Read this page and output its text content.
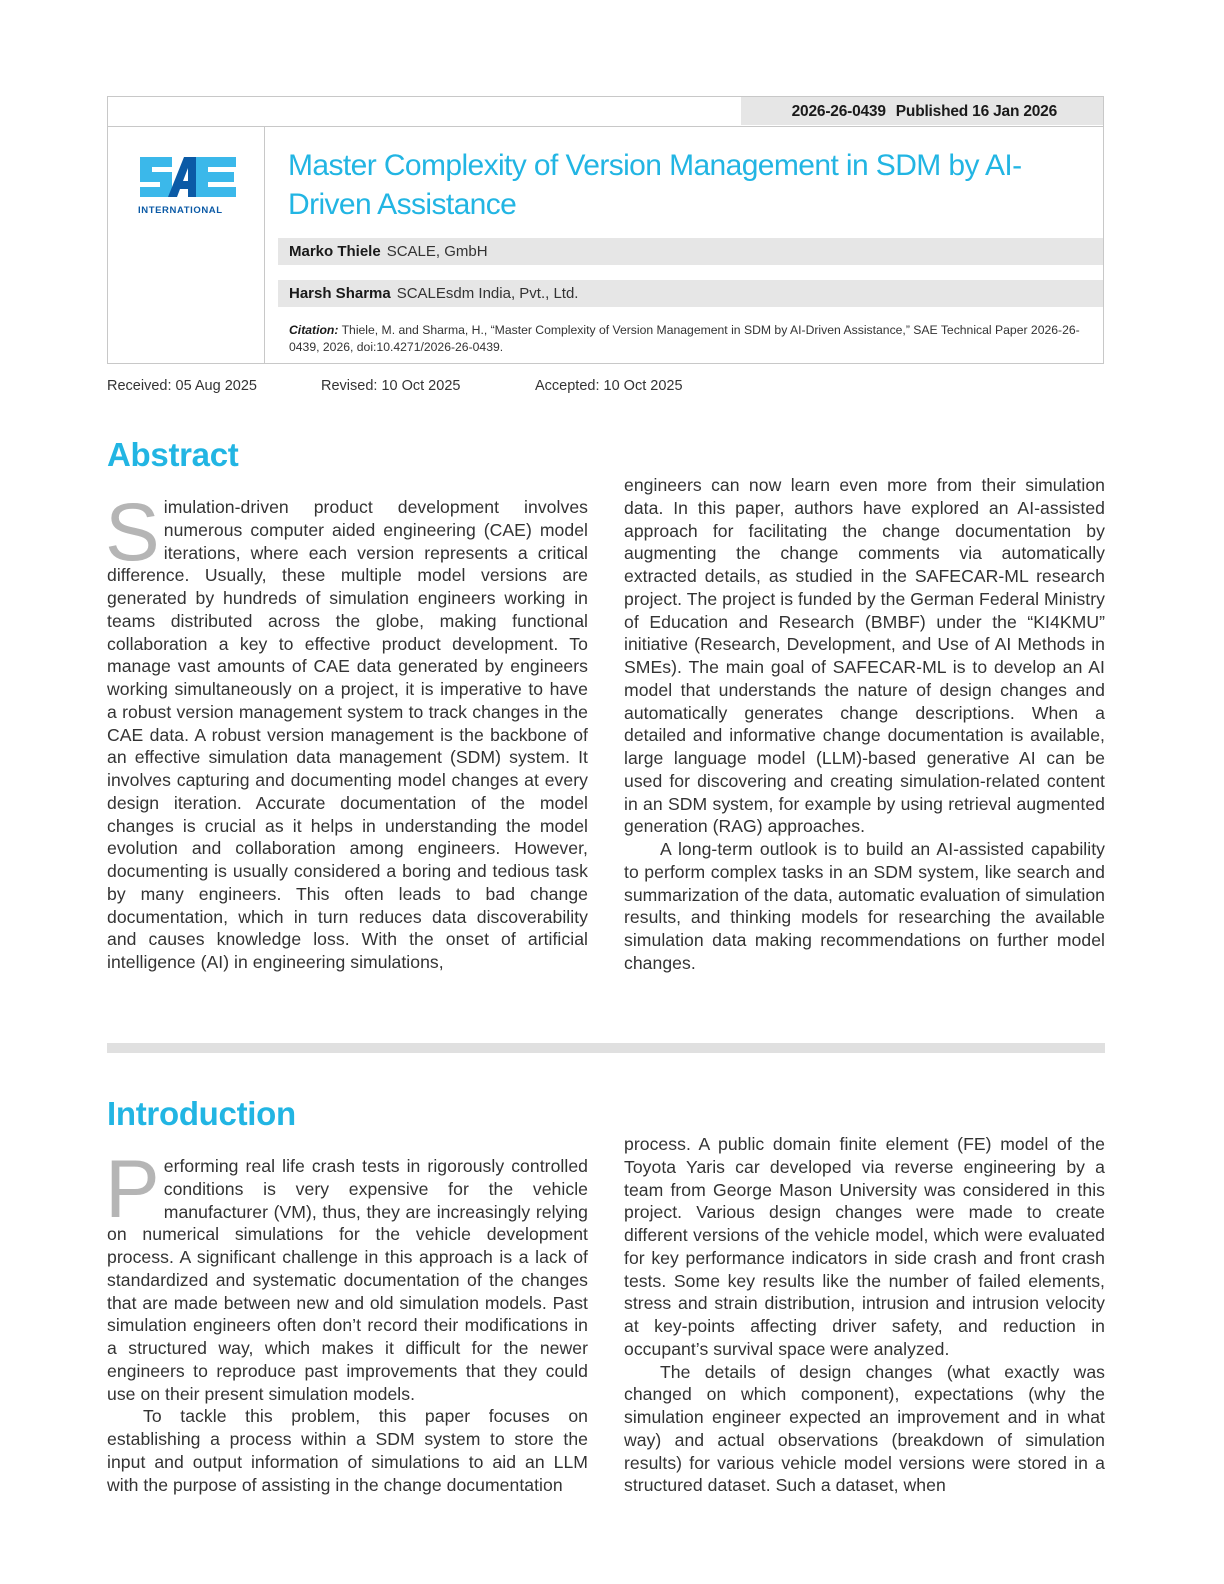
2026-26-0439 Published 16 Jan 2026
INTERNATIONAL
Master Complexity of Version Management in SDM by AI-Driven Assistance
Marko Thiele SCALE, GmbH
Harsh Sharma SCALEsdm India, Pvt., Ltd.
Citation: Thiele, M. and Sharma, H., “Master Complexity of Version Management in SDM by AI-Driven Assistance,” SAE Technical Paper 2026-26-0439, 2026, doi:10.4271/2026-26-0439.
Received: 05 Aug 2025	Revised: 10 Oct 2025	Accepted: 10 Oct 2025
Abstract

Simulation-driven product development involves numerous computer aided engineering (CAE) model iterations, where each version represents a critical difference. Usually, these multiple model versions are generated by hundreds of simulation engineers working in teams distributed across the globe, making functional collaboration a key to effective product development. To manage vast amounts of CAE data generated by engineers working simultaneously on a project, it is imperative to have a robust version management system to track changes in the CAE data. A robust version management is the backbone of an effective simulation data management (SDM) system. It involves capturing and documenting model changes at every design iteration. Accurate documentation of the model changes is crucial as it helps in understanding the model evolution and collaboration among engineers. However, documenting is usually considered a boring and tedious task by many engineers. This often leads to bad change documentation, which in turn reduces data discoverability and causes knowledge loss. With the onset of artificial intelligence (AI) in engineering simulations,

engineers can now learn even more from their simulation data. In this paper, authors have explored an AI-assisted approach for facilitating the change documentation by augmenting the change comments via automatically extracted details, as studied in the SAFECAR-ML research project. The project is funded by the German Federal Ministry of Education and Research (BMBF) under the “KI4KMU” initiative (Research, Development, and Use of AI Methods in SMEs). The main goal of SAFECAR-ML is to develop an AI model that understands the nature of design changes and automatically generates change descriptions. When a detailed and informative change documentation is available, large language model (LLM)-based generative AI can be used for discovering and creating simulation-related content in an SDM system, for example by using retrieval augmented generation (RAG) approaches.

A long-term outlook is to build an AI-assisted capability to perform complex tasks in an SDM system, like search and summarization of the data, automatic evaluation of simulation results, and thinking models for researching the available simulation data making recommendations on further model changes.

Introduction

Performing real life crash tests in rigorously controlled conditions is very expensive for the vehicle manufacturer (VM), thus, they are increasingly relying on numerical simulations for the vehicle development process. A significant challenge in this approach is a lack of standardized and systematic documentation of the changes that are made between new and old simulation models. Past simulation engineers often don’t record their modifications in a structured way, which makes it difficult for the newer engineers to reproduce past improvements that they could use on their present simulation models.

To tackle this problem, this paper focuses on establishing a process within a SDM system to store the input and output information of simulations to aid an LLM with the purpose of assisting in the change documentation

process. A public domain finite element (FE) model of the Toyota Yaris car developed via reverse engineering by a team from George Mason University was considered in this project. Various design changes were made to create different versions of the vehicle model, which were evaluated for key performance indicators in side crash and front crash tests. Some key results like the number of failed elements, stress and strain distribution, intrusion and intrusion velocity at key-points affecting driver safety, and reduction in occupant’s survival space were analyzed.

The details of design changes (what exactly was changed on which component), expectations (why the simulation engineer expected an improvement and in what way) and actual observations (breakdown of simulation results) for various vehicle model versions were stored in a structured dataset. Such a dataset, when
